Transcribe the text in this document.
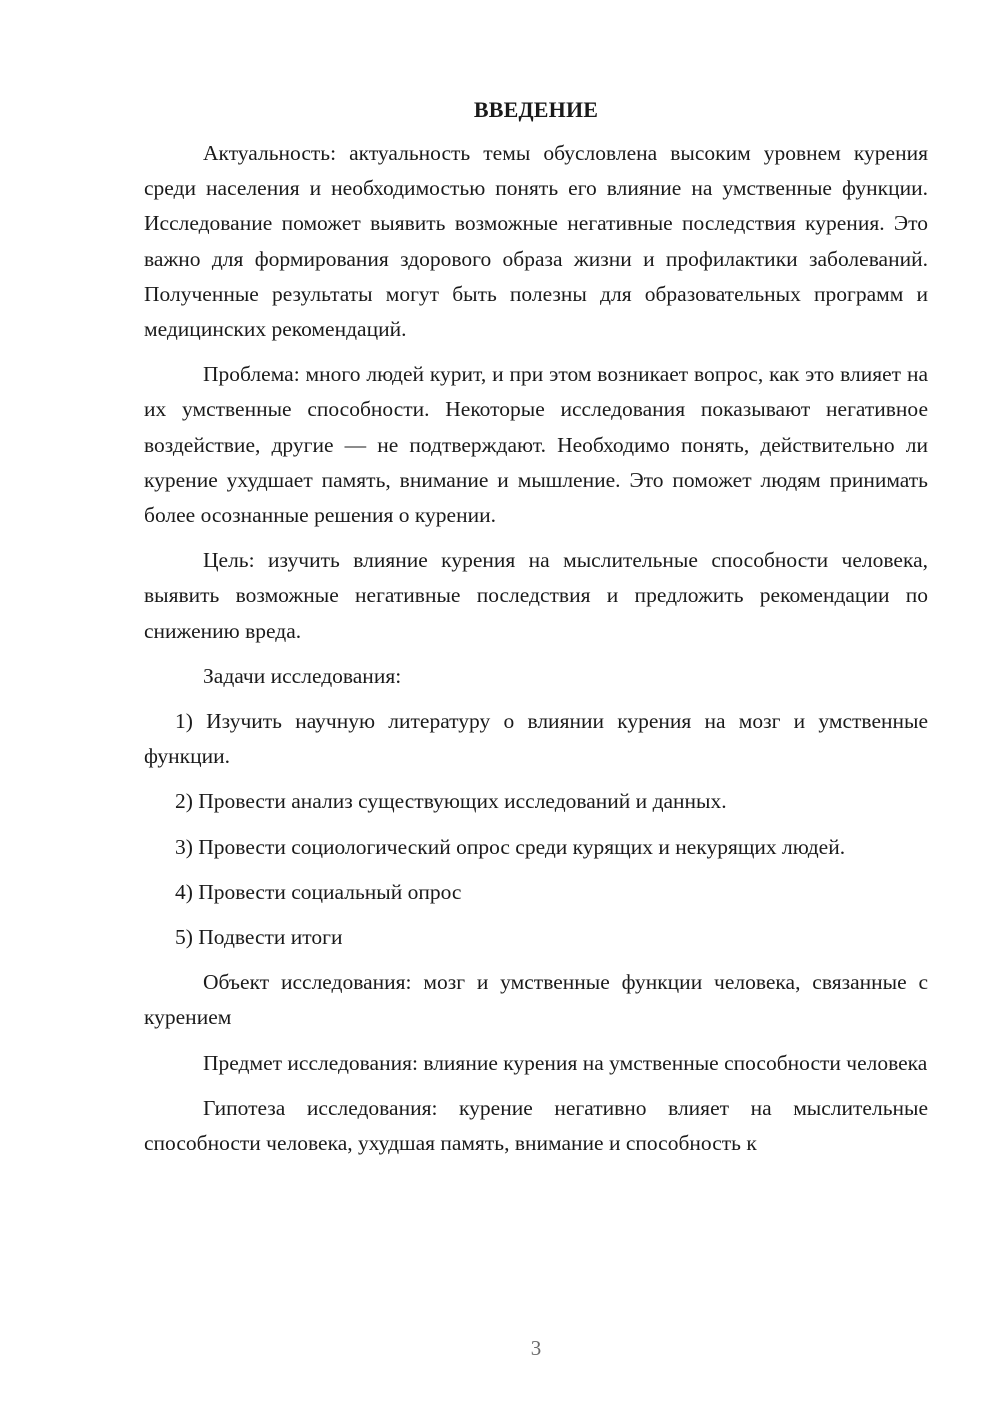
ВВЕДЕНИЕ

Актуальность: актуальность темы обусловлена высоким уровнем курения среди населения и необходимостью понять его влияние на умственные функции. Исследование поможет выявить возможные негативные последствия курения. Это важно для формирования здорового образа жизни и профилактики заболеваний. Полученные результаты могут быть полезны для образовательных программ и медицинских рекомендаций.

Проблема: много людей курит, и при этом возникает вопрос, как это влияет на их умственные способности. Некоторые исследования показывают негативное воздействие, другие — не подтверждают. Необходимо понять, действительно ли курение ухудшает память, внимание и мышление. Это поможет людям принимать более осознанные решения о курении.

Цель: изучить влияние курения на мыслительные способности человека, выявить возможные негативные последствия и предложить рекомендации по снижению вреда.

Задачи исследования:

1) Изучить научную литературу о влиянии курения на мозг и умственные функции.

2) Провести анализ существующих исследований и данных.

3) Провести социологический опрос среди курящих и некурящих людей.

4) Провести социальный опрос

5) Подвести итоги

Объект исследования: мозг и умственные функции человека, связанные с курением

Предмет исследования: влияние курения на умственные способности человека

Гипотеза исследования: курение негативно влияет на мыслительные способности человека, ухудшая память, внимание и способность к

3
